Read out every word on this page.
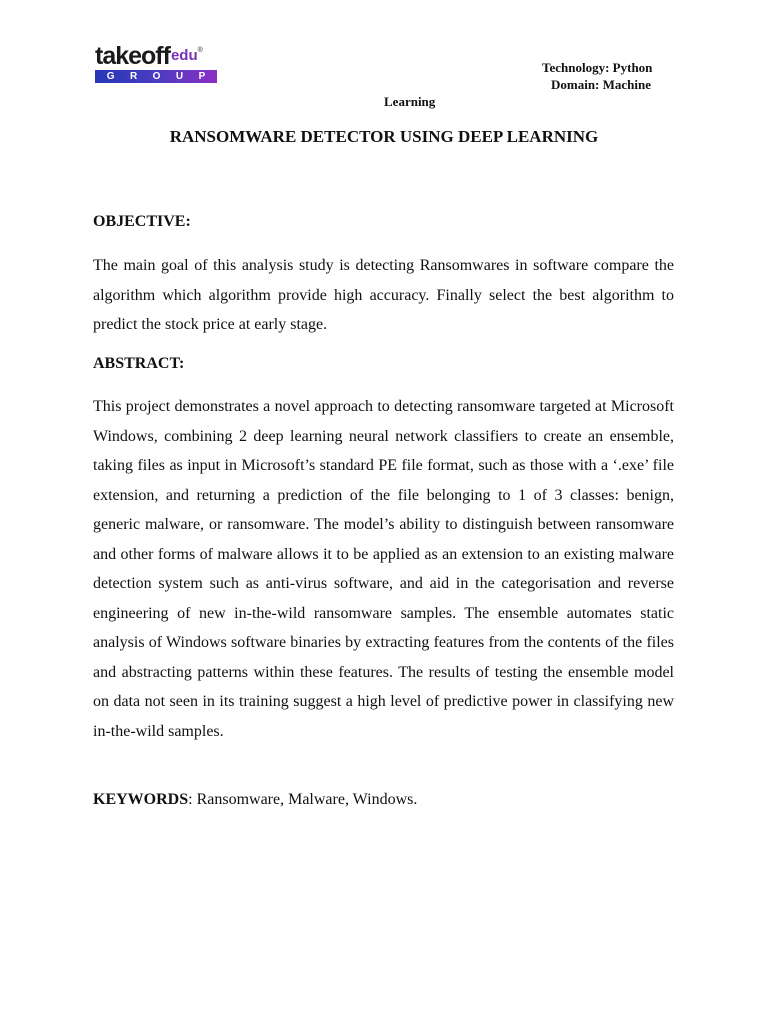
takeoffedu®
G R O U P
Technology: Python
Domain: Machine
Learning
RANSOMWARE DETECTOR USING DEEP LEARNING
OBJECTIVE:

The main goal of this analysis study is detecting Ransomwares in software compare the algorithm which algorithm provide high accuracy. Finally select the best algorithm to predict the stock price at early stage.

ABSTRACT:

This project demonstrates a novel approach to detecting ransomware targeted at Microsoft Windows, combining 2 deep learning neural network classifiers to create an ensemble, taking files as input in Microsoft’s standard PE file format, such as those with a ‘.exe’ file extension, and returning a prediction of the file belonging to 1 of 3 classes: benign, generic malware, or ransomware. The model’s ability to distinguish between ransomware and other forms of malware allows it to be applied as an extension to an existing malware detection system such as anti-virus software, and aid in the categorisation and reverse engineering of new in-the-wild ransomware samples. The ensemble automates static analysis of Windows software binaries by extracting features from the contents of the files and abstracting patterns within these features. The results of testing the ensemble model on data not seen in its training suggest a high level of predictive power in classifying new in-the-wild samples.

KEYWORDS: Ransomware, Malware, Windows.
